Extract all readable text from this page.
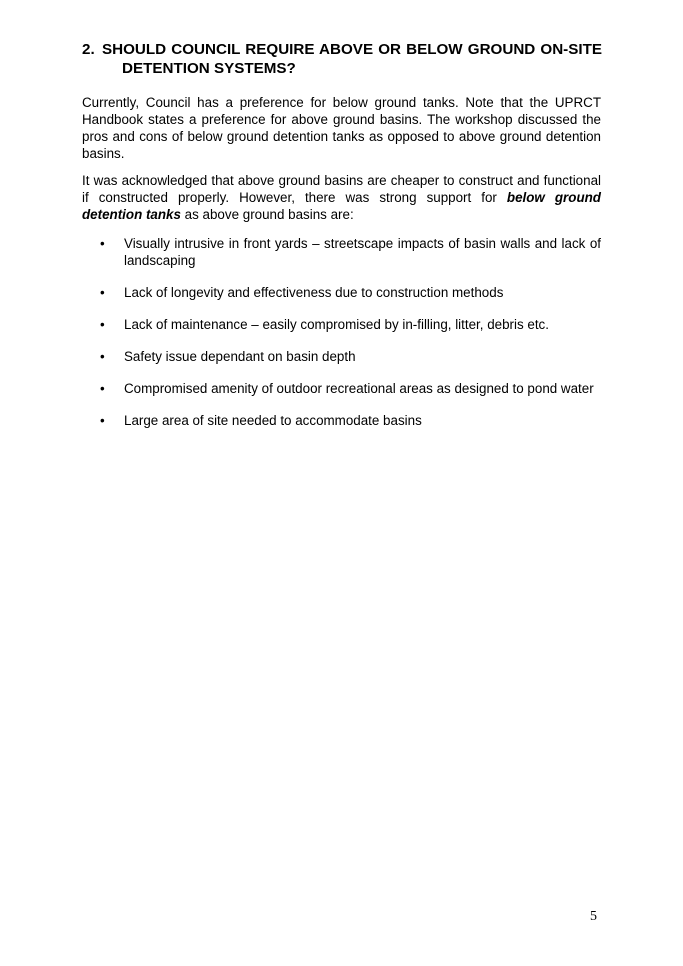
2. SHOULD COUNCIL REQUIRE ABOVE OR BELOW GROUND ON-SITE DETENTION SYSTEMS?

Currently, Council has a preference for below ground tanks. Note that the UPRCT Handbook states a preference for above ground basins. The workshop discussed the pros and cons of below ground detention tanks as opposed to above ground detention basins.

It was acknowledged that above ground basins are cheaper to construct and functional if constructed properly. However, there was strong support for below ground detention tanks as above ground basins are:

• Visually intrusive in front yards – streetscape impacts of basin walls and lack of landscaping
• Lack of longevity and effectiveness due to construction methods
• Lack of maintenance – easily compromised by in-filling, litter, debris etc.
• Safety issue dependant on basin depth
• Compromised amenity of outdoor recreational areas as designed to pond water
• Large area of site needed to accommodate basins
5
